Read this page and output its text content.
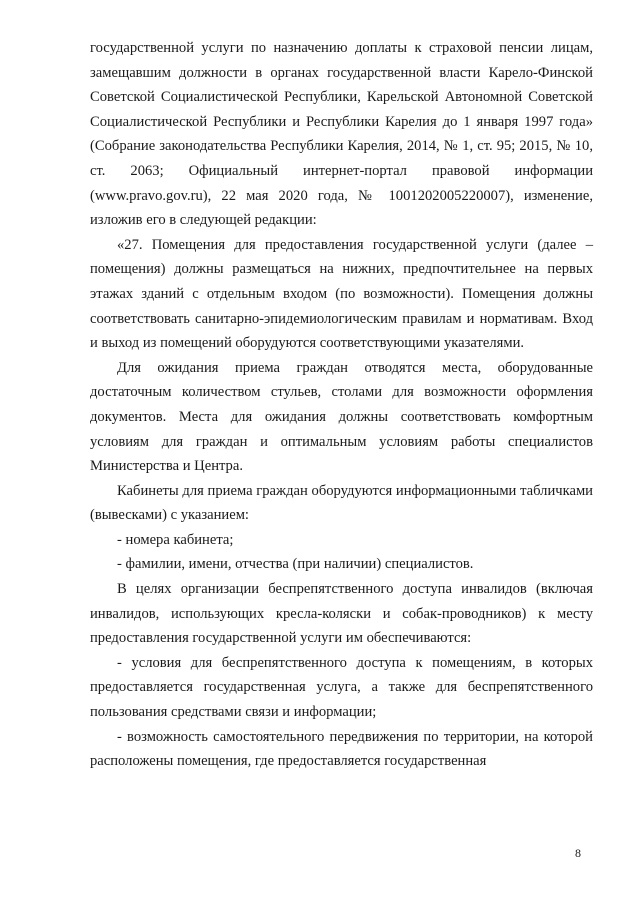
государственной услуги по назначению доплаты к страховой пенсии лицам, замещавшим должности в органах государственной власти Карело-Финской Советской Социалистической Республики, Карельской Автономной Советской Социалистической Республики и Республики Карелия до 1 января 1997 года» (Собрание законодательства Республики Карелия, 2014, № 1, ст. 95; 2015, № 10, ст. 2063; Официальный интернет-портал правовой информации (www.pravo.gov.ru), 22 мая 2020 года, № 1001202005220007), изменение, изложив его в следующей редакции:

«27. Помещения для предоставления государственной услуги (далее – помещения) должны размещаться на нижних, предпочтительнее на первых этажах зданий с отдельным входом (по возможности). Помещения должны соответствовать санитарно-эпидемиологическим правилам и нормативам. Вход и выход из помещений оборудуются соответствующими указателями.

Для ожидания приема граждан отводятся места, оборудованные достаточным количеством стульев, столами для возможности оформления документов. Места для ожидания должны соответствовать комфортным условиям для граждан и оптимальным условиям работы специалистов Министерства и Центра.

Кабинеты для приема граждан оборудуются информационными табличками (вывесками) с указанием:

- номера кабинета;

- фамилии, имени, отчества (при наличии) специалистов.

В целях организации беспрепятственного доступа инвалидов (включая инвалидов, использующих кресла-коляски и собак-проводников) к месту предоставления государственной услуги им обеспечиваются:

- условия для беспрепятственного доступа к помещениям, в которых предоставляется государственная услуга, а также для беспрепятственного пользования средствами связи и информации;

- возможность самостоятельного передвижения по территории, на которой расположены помещения, где предоставляется государственная

8
